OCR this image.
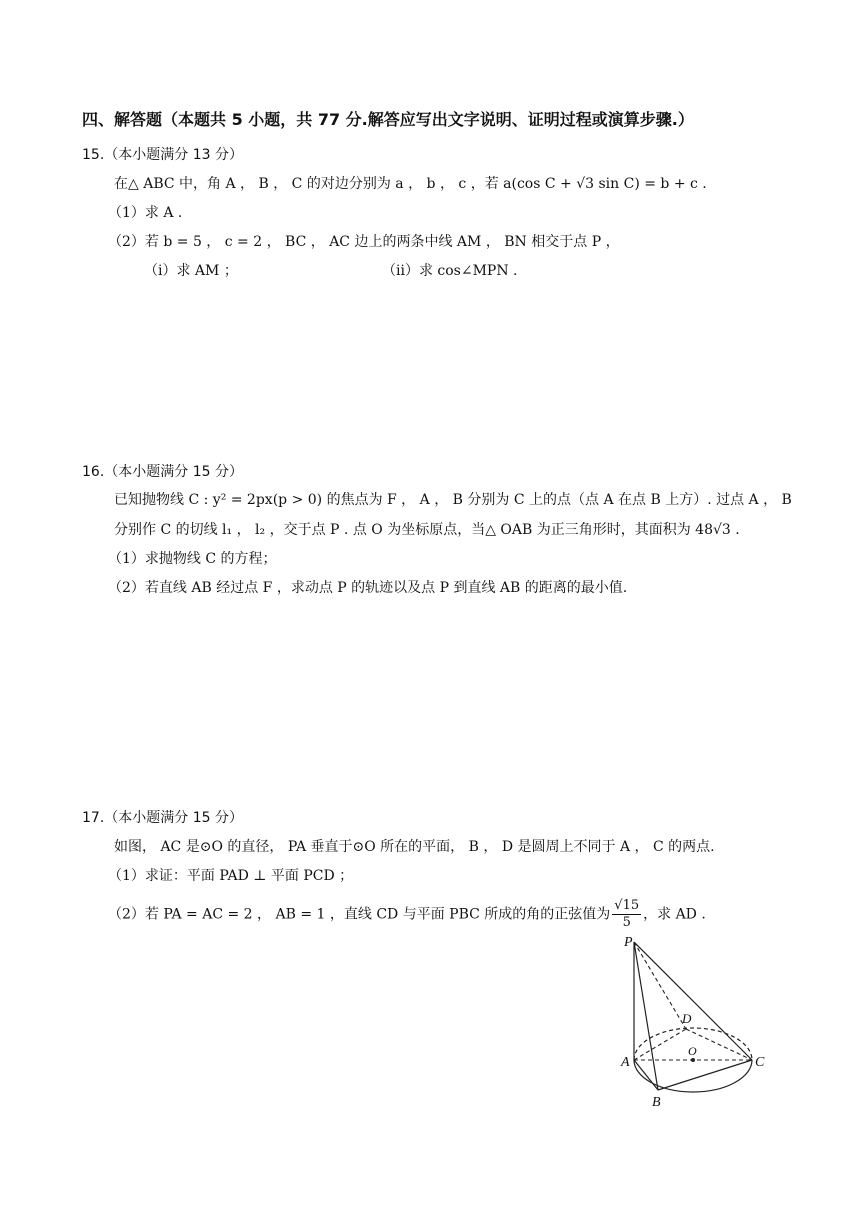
四、解答题（本题共 5 小题，共 77 分.解答应写出文字说明、证明过程或演算步骤.）
15.（本小题满分 13 分）
在△ ABC 中，角 A ， B ， C 的对边分别为 a ， b ， c ，若 a(cos C + √3 sin C) = b + c .
（1）求 A .
（2）若 b = 5 ， c = 2 ， BC ， AC 边上的两条中线 AM ， BN 相交于点 P ，
（i）求 AM ；	（ii）求 cos∠MPN .
16.（本小题满分 15 分）
已知抛物线 C : y² = 2px(p > 0) 的焦点为 F ， A ， B 分别为 C 上的点（点 A 在点 B 上方）. 过点 A ， B
分别作 C 的切线 l₁ ， l₂ ，交于点 P . 点 O 为坐标原点，当△ OAB 为正三角形时，其面积为 48√3 .
（1）求抛物线 C 的方程；
（2）若直线 AB 经过点 F ，求动点 P 的轨迹以及点 P 到直线 AB 的距离的最小值.
17.（本小题满分 15 分）
如图， AC 是⊙O 的直径， PA 垂直于⊙O 所在的平面， B ， D 是圆周上不同于 A ， C 的两点.
（1）求证：平面 PAD ⊥ 平面 PCD ；
（2）若 PA = AC = 2 ， AB = 1 ，直线 CD 与平面 PBC 所成的角的正弦值为 $\frac{√15}{5}$ ，求 AD .
P
D
O
A	C
B
